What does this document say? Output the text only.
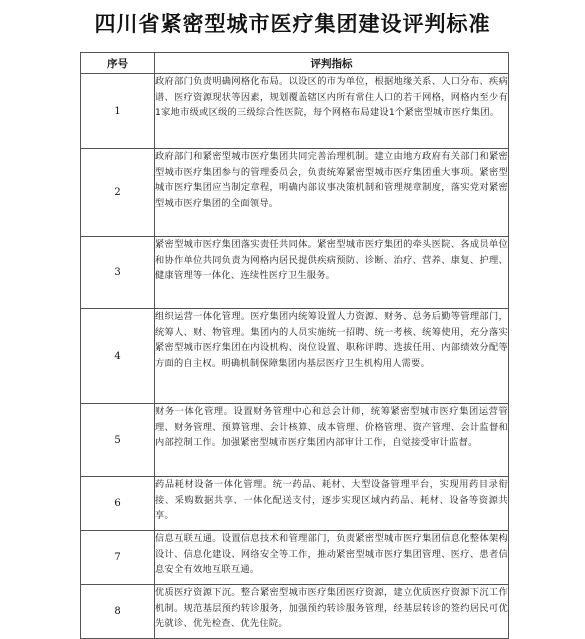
四川省紧密型城市医疗集团建设评判标准
序号	评判指标
1	政府部门负责明确网格化布局。以设区的市为单位，根据地缘关系、人口分布、疾病谱、医疗资源现状等因素，规划覆盖辖区内所有常住人口的若干网格，网格内至少有1家地市级或区级的三级综合性医院，每个网格布局建设1个紧密型城市医疗集团。

2	政府部门和紧密型城市医疗集团共同完善治理机制。建立由地方政府有关部门和紧密型城市医疗集团参与的管理委员会，负责统筹紧密型城市医疗集团重大事项。紧密型城市医疗集团应当制定章程，明确内部议事决策机制和管理规章制度，落实党对紧密型城市医疗集团的全面领导。

3	紧密型城市医疗集团落实责任共同体。紧密型城市医疗集团的牵头医院、各成员单位和协作单位共同负责为网格内居民提供疾病预防、诊断、治疗、营养、康复、护理、健康管理等一体化、连续性医疗卫生服务。

4	组织运营一体化管理。医疗集团内统筹设置人力资源、财务、总务后勤等管理部门，统筹人、财、物管理。集团内的人员实施统一招聘、统一考核、统筹使用，充分落实紧密型城市医疗集团在内设机构、岗位设置、职称评聘、选拔任用、内部绩效分配等方面的自主权。明确机制保障集团内基层医疗卫生机构用人需要。

5	财务一体化管理。设置财务管理中心和总会计师，统筹紧密型城市医疗集团运营管理、财务管理、预算管理、会计核算、成本管理、价格管理、资产管理、会计监督和内部控制工作。加强紧密型城市医疗集团内部审计工作，自觉接受审计监督。

6	药品耗材设备一体化管理。统一药品、耗材、大型设备管理平台，实现用药目录衔接、采购数据共享、一体化配送支付，逐步实现区域内药品、耗材、设备等资源共享。

7	信息互联互通。设置信息技术和管理部门，负责紧密型城市医疗集团信息化整体架构设计、信息化建设、网络安全等工作，推动紧密型城市医疗集团管理、医疗、患者信息安全有效地互联互通。

8	优质医疗资源下沉。整合紧密型城市医疗集团医疗资源，建立优质医疗资源下沉工作机制。规范基层预约转诊服务，加强预约转诊服务管理，经基层转诊的签约居民可优先就诊、优先检查、优先住院。
